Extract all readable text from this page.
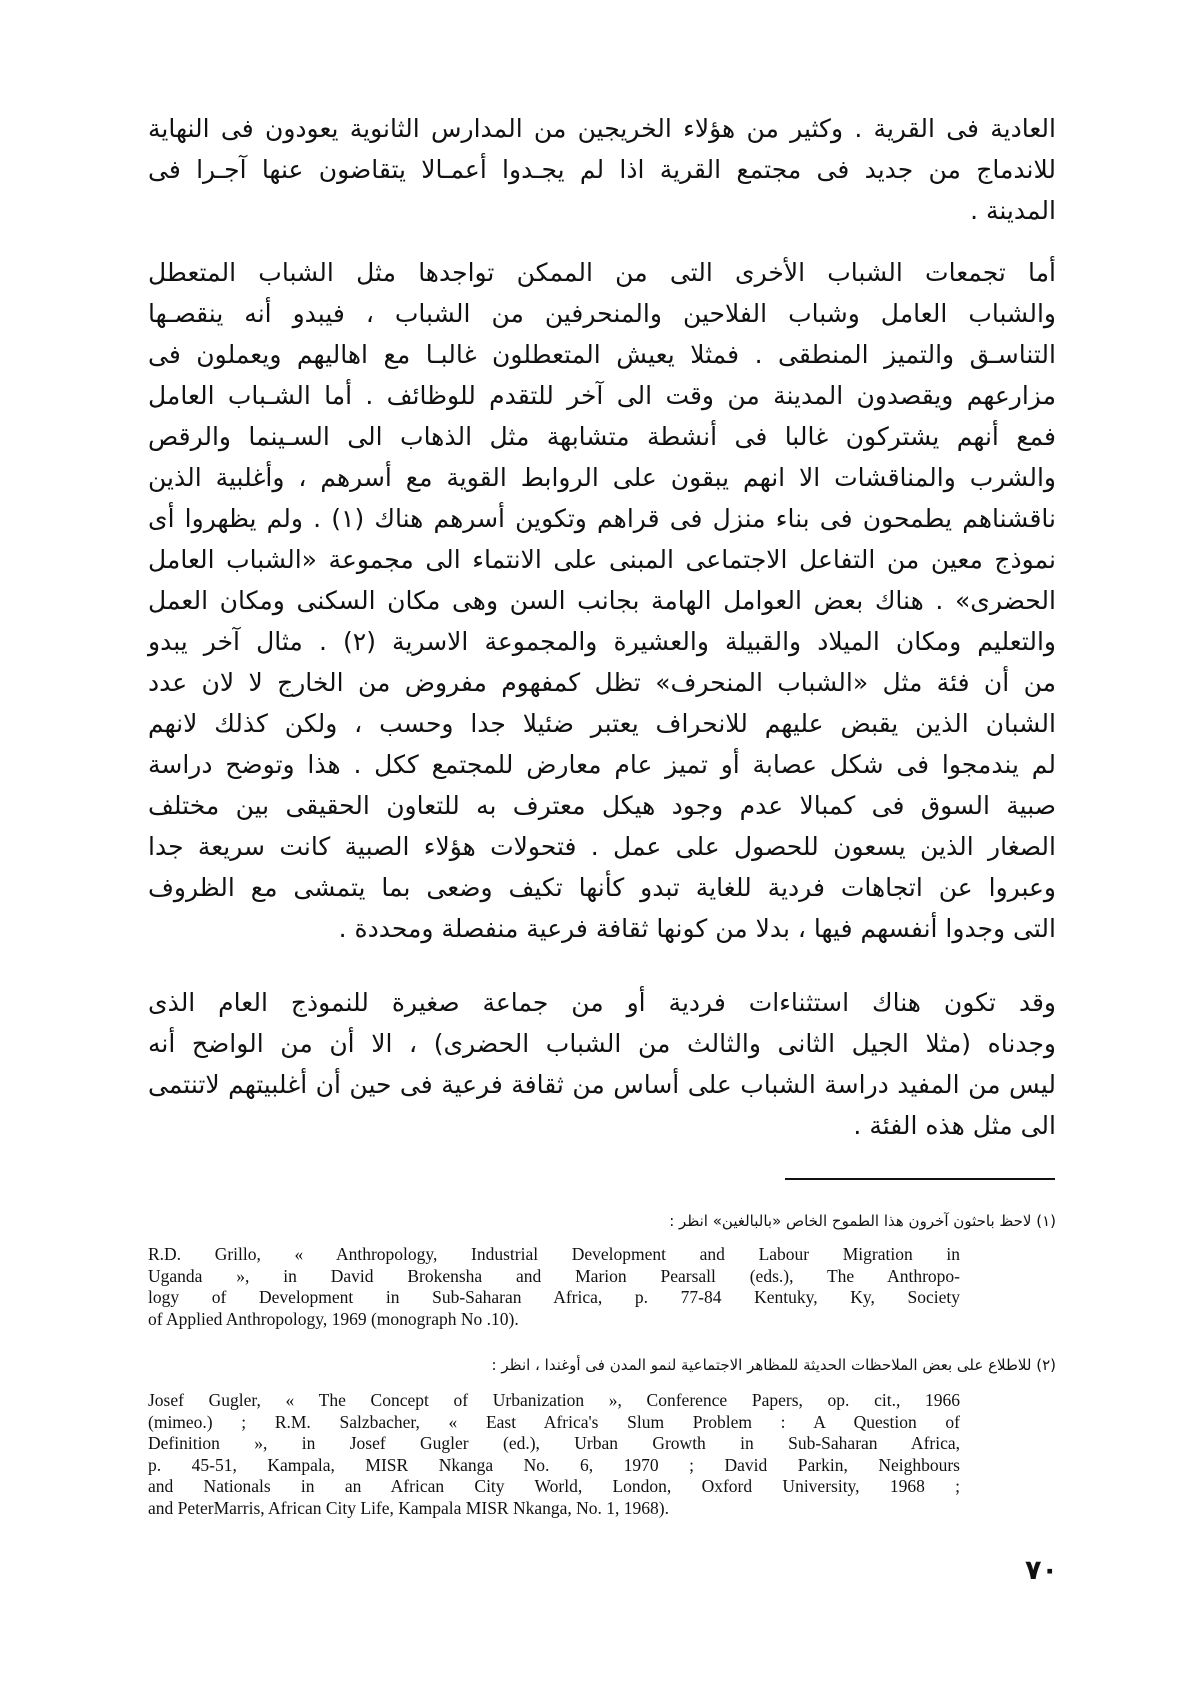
العادية فى القرية . وكثير من هؤلاء الخريجين من المدارس الثانوية يعودون فى النهاية
للاندماج من جديد فى مجتمع القرية اذا لم يجـدوا أعمـالا يتقاضون عنها آجـرا فى
المدينة .
أما تجمعات الشباب الأخرى التى من الممكن تواجدها مثل الشباب المتعطل
والشباب العامل وشباب الفلاحين والمنحرفين من الشباب ، فيبدو أنه ينقصـها
التناسـق والتميز المنطقى . فمثلا يعيش المتعطلون غالبـا مع اهاليهم ويعملون فى
مزارعهم ويقصدون المدينة من وقت الى آخر للتقدم للوظائف . أما الشـباب العامل
فمع أنهم يشتركون غالبا فى أنشطة متشابهة مثل الذهاب الى السـينما والرقص
والشرب والمناقشات الا انهم يبقون على الروابط القوية مع أسرهم ، وأغلبية الذين
ناقشناهم يطمحون فى بناء منزل فى قراهم وتكوين أسرهم هناك (١) . ولم يظهروا أى
نموذج معين من التفاعل الاجتماعى المبنى على الانتماء الى مجموعة «الشباب العامل
الحضرى» . هناك بعض العوامل الهامة بجانب السن وهى مكان السكنى ومكان العمل
والتعليم ومكان الميلاد والقبيلة والعشيرة والمجموعة الاسرية (٢) . مثال آخر يبدو
من أن فئة مثل «الشباب المنحرف» تظل كمفهوم مفروض من الخارج لا لان عدد
الشبان الذين يقبض عليهم للانحراف يعتبر ضئيلا جدا وحسب ، ولكن كذلك لانهم
لم يندمجوا فى شكل عصابة أو تميز عام معارض للمجتمع ككل . هذا وتوضح دراسة
صبية السوق فى كمبالا عدم وجود هيكل معترف به للتعاون الحقيقى بين مختلف
الصغار الذين يسعون للحصول على عمل . فتحولات هؤلاء الصبية كانت سريعة جدا
وعبروا عن اتجاهات فردية للغاية تبدو كأنها تكيف وضعى بما يتمشى مع الظروف
التى وجدوا أنفسهم فيها ، بدلا من كونها ثقافة فرعية منفصلة ومحددة .
وقد تكون هناك استثناءات فردية أو من جماعة صغيرة للنموذج العام الذى
وجدناه (مثلا الجيل الثانى والثالث من الشباب الحضرى) ، الا أن من الواضح أنه
ليس من المفيد دراسة الشباب على أساس من ثقافة فرعية فى حين أن أغلبيتهم لاتنتمى
الى مثل هذه الفئة .
(١) لاحظ باحثون آخرون هذا الطموح الخاص «بالبالغين» انظر :
R.D. Grillo, « Anthropology, Industrial Development and Labour Migration in
Uganda », in David Brokensha and Marion Pearsall (eds.), The Anthropo-
logy of Development in Sub-Saharan Africa, p. 77-84 Kentuky, Ky, Society
of Applied Anthropology, 1969 (monograph No .10).
(٢) للاطلاع على بعض الملاحظات الحديثة للمظاهر الاجتماعية لنمو المدن فى أوغندا ، انظر :
Josef Gugler, « The Concept of Urbanization », Conference Papers, op. cit., 1966
(mimeo.) ; R.M. Salzbacher, « East Africa's Slum Problem : A Question of
Definition », in Josef Gugler (ed.), Urban Growth in Sub-Saharan Africa,
p. 45-51, Kampala, MISR Nkanga No. 6, 1970 ; David Parkin, Neighbours
and Nationals in an African City World, London, Oxford University, 1968 ;
and PeterMarris, African City Life, Kampala MISR Nkanga, No. 1, 1968).
٧٠
